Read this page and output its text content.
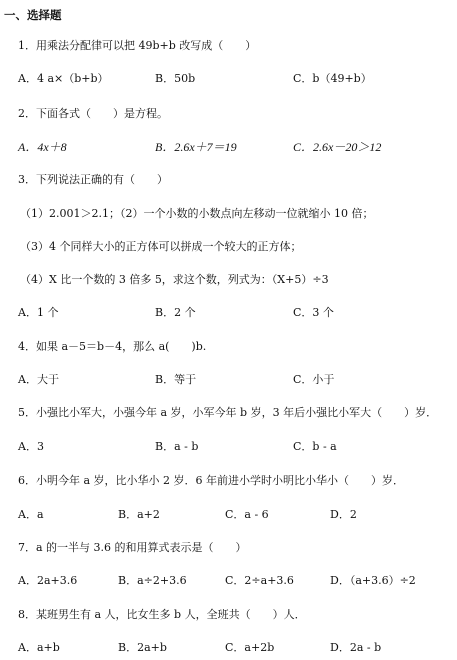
一、选择题
1．用乘法分配律可以把 49b+b 改写成（　　）
A．4 a×（b+b）	B．50b	C．b（49+b）
2．下面各式（　　）是方程。
A．4x＋8	B．2.6x＋7＝19	C．2.6x－20＞12
3．下列说法正确的有（　　）
（1）2.001＞2.1；（2）一个小数的小数点向左移动一位就缩小 10 倍；
（3）4 个同样大小的正方体可以拼成一个较大的正方体；
（4）X 比一个数的 3 倍多 5，求这个数，列式为：（X+5）÷3
A．1 个	B．2 个	C．3 个
4．如果 a－5＝b－4，那么 a(　　)b.
A．大于	B．等于	C．小于
5．小强比小军大，小强今年 a 岁，小军今年 b 岁，3 年后小强比小军大（　　）岁．
A．3	B．a - b	C．b - a
6．小明今年 a 岁，比小华小 2 岁．6 年前进小学时小明比小华小（　　）岁．
A．a	B．a+2	C．a - 6	D．2
7．a 的一半与 3.6 的和用算式表示是（　　）
A．2a+3.6	B．a÷2+3.6	C．2÷a+3.6	D．（a+3.6）÷2
8．某班男生有 a 人，比女生多 b 人，全班共（　　）人．
A．a+b	B．2a+b	C．a+2b	D．2a - b
